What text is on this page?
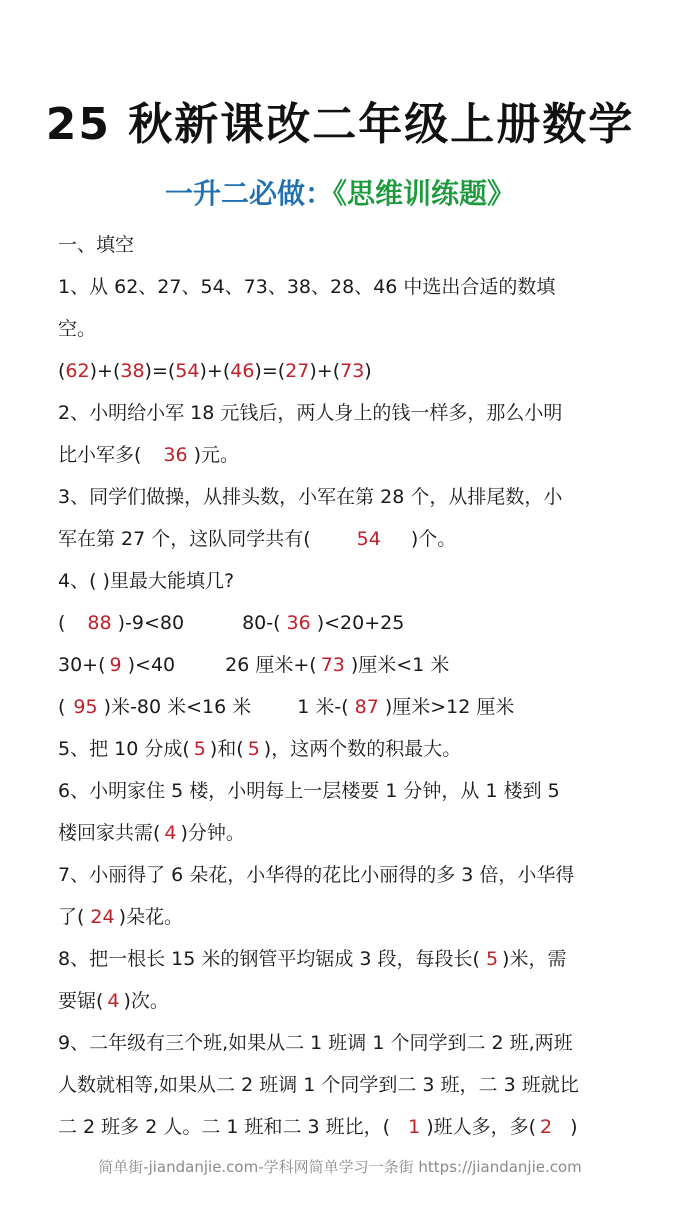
25 秋新课改二年级上册数学
一升二必做：《思维训练题》
一、填空
1、从 62、27、54、73、38、28、46 中选出合适的数填
空。
(62)+(38)=(54)+(46)=(27)+(73)
2、小明给小军 18 元钱后，两人身上的钱一样多，那么小明
比小军多( 36 )元。
3、同学们做操，从排头数，小军在第 28 个，从排尾数，小
军在第 27 个，这队同学共有( 54 )个。
4、( )里最大能填几?
( 88 )-9<80	80-( 36 )<20+25
30+( 9 )<40	26 厘米+( 73 )厘米<1 米
( 95 )米-80 米<16 米 1 米-( 87 )厘米>12 厘米
5、把 10 分成( 5 )和( 5 )，这两个数的积最大。
6、小明家住 5 楼，小明每上一层楼要 1 分钟，从 1 楼到 5
楼回家共需( 4 )分钟。
7、小丽得了 6 朵花，小华得的花比小丽得的多 3 倍，小华得
了( 24 )朵花。
8、把一根长 15 米的钢管平均锯成 3 段，每段长( 5 )米，需
要锯( 4 )次。
9、二年级有三个班,如果从二 1 班调 1 个同学到二 2 班,两班
人数就相等,如果从二 2 班调 1 个同学到二 3 班，二 3 班就比
二 2 班多 2 人。二 1 班和二 3 班比，( 1 )班人多，多( 2 )
简单街-jiandanjie.com-学科网简单学习一条街 https://jiandanjie.com
